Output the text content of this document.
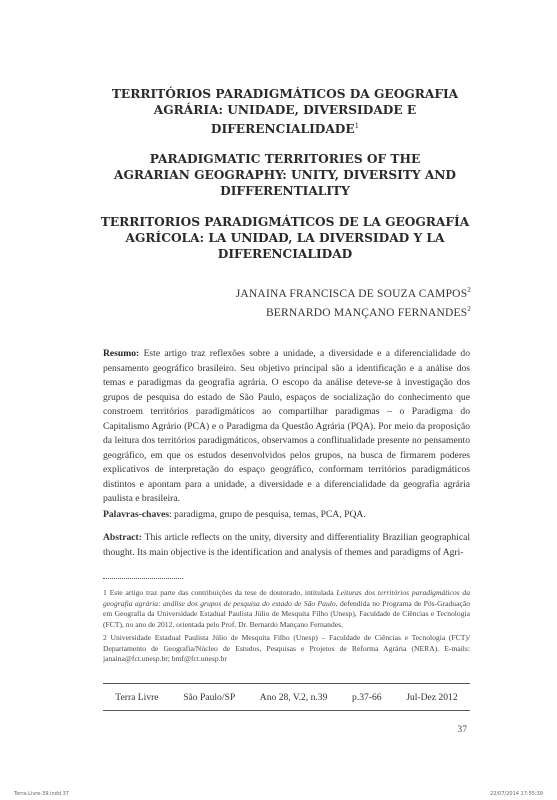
TERRITÓRIOS PARADIGMÁTICOS DA GEOGRAFIA
AGRÁRIA: UNIDADE, DIVERSIDADE E
DIFERENCIALIDADE$^1$
PARADIGMATIC TERRITORIES OF THE
AGRARIAN GEOGRAPHY: UNITY, DIVERSITY AND
DIFFERENTIALITY
TERRITORIOS PARADIGMÁTICOS DE LA GEOGRAFÍA
AGRÍCOLA: LA UNIDAD, LA DIVERSIDAD Y LA
DIFERENCIALIDAD
JANAINA FRANCISCA DE SOUZA CAMPOS$^2$
BERNARDO MANÇANO FERNANDES$^2$
Resumo: Este artigo traz reflexões sobre a unidade, a diversidade e a diferencialidade do pensamento geográfico brasileiro. Seu objetivo principal são a identificação e a análise dos temas e paradigmas da geografia agrária. O escopo da análise deteve-se à investigação dos grupos de pesquisa do estado de São Paulo, espaços de socialização do conhecimento que constroem territórios paradigmáticos ao compartilhar paradigmas – o Paradigma do Capitalismo Agrário (PCA) e o Paradigma da Questão Agrária (PQA). Por meio da proposição da leitura dos territórios paradigmáticos, observamos a conflitualidade presente no pensamento geográfico, em que os estudos desenvolvidos pelos grupos, na busca de firmarem poderes explicativos de interpretação do espaço geográfico, conformam territórios paradigmáticos distintos e apontam para a unidade, a diversidade e a diferencialidade da geografia agrária paulista e brasileira.
Palavras-chaves: paradigma, grupo de pesquisa, temas, PCA, PQA.
Abstract: This article reflects on the unity, diversity and differentiality Brazilian geographical thought. Its main objective is the identification and analysis of themes and paradigms of Agri-

1 Este artigo traz parte das contribuições da tese de doutorado, intitulada Leituras dos territórios paradigmáticos da geografia agrária: análise dos grupos de pesquisa do estado de São Paulo, defendida no Programa de Pós-Graduação em Geografia da Universidade Estadual Paulista Júlio de Mesquita Filho (Unesp), Faculdade de Ciências e Tecnologia (FCT), no ano de 2012, orientada pelo Prof. Dr. Bernardo Mançano Fernandes.

2 Universidade Estadual Paulista Júlio de Mesquita Filho (Unesp) – Faculdade de Ciências e Tecnologia (FCT)/ Departamento de Geografia/Núcleo de Estudos, Pesquisas e Projetos de Reforma Agrária (NERA). E-mails: janaina@fct.unesp.br; bmf@fct.unesp.br

Terra Livre	São Paulo/SP	Ano 28, V.2, n.39	p.37-66	Jul-Dez 2012
37
Terra-Livre-39.indd 37	22/07/2014 17:55:39
